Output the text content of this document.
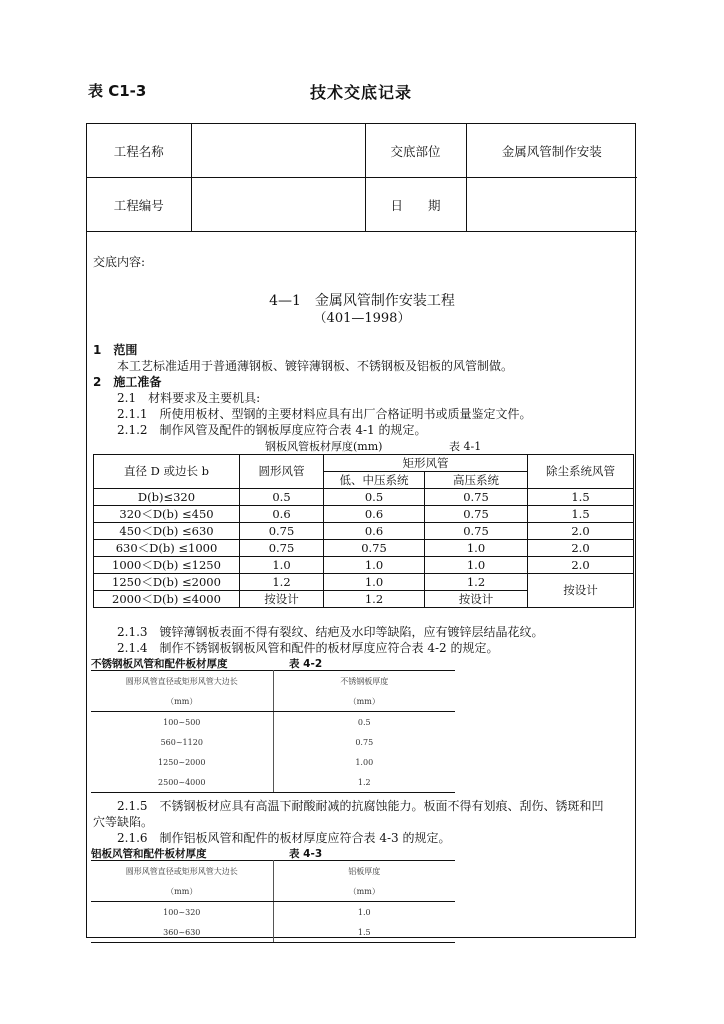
表 C1-3	技术交底记录
工程名称		交底部位	金属风管制作安装
工程编号		日　　期	
交底内容:
4—1　金属风管制作安装工程
（401—1998）
1　范围
本工艺标准适用于普通薄钢板、镀锌薄钢板、不锈钢板及铝板的风管制做。
2　施工准备
2.1　材料要求及主要机具:
2.1.1　所使用板材、型钢的主要材料应具有出厂合格证明书或质量鉴定文件。
2.1.2　制作风管及配件的钢板厚度应符合表 4-1 的规定。
钢板风管板材厚度(mm)	表 4-1
直径 D 或边长 b	圆形风管	矩形风管		除尘系统风管
		低、中压系统	高压系统	
D(b)≤320	0.5	0.5	0.75	1.5
320＜D(b) ≤450	0.6	0.6	0.75	1.5
450＜D(b) ≤630	0.75	0.6	0.75	2.0
630＜D(b) ≤1000	0.75	0.75	1.0	2.0
1000＜D(b) ≤1250	1.0	1.0	1.0	2.0
1250＜D(b) ≤2000	1.2	1.0	1.2	按设计
2000＜D(b) ≤4000	按设计	1.2	按设计	
2.1.3　镀锌薄钢板表面不得有裂纹、结疤及水印等缺陷，应有镀锌层结晶花纹。
2.1.4　制作不锈钢板钢板风管和配件的板材厚度应符合表 4-2 的规定。
不锈钢板风管和配件板材厚度	表 4-2
圆形风管直径或矩形风管大边长	不锈钢板厚度
（mm）	（mm）
100~500	0.5
560~1120	0.75
1250~2000	1.00
2500~4000	1.2
2.1.5　不锈钢板材应具有高温下耐酸耐减的抗腐蚀能力。板面不得有划痕、刮伤、锈斑和凹
穴等缺陷。
2.1.6　制作铝板风管和配件的板材厚度应符合表 4-3 的规定。
铝板风管和配件板材厚度	表 4-3
圆形风管直径或矩形风管大边长	铝板厚度
（mm）	（mm）
100~320	1.0
360~630	1.5
